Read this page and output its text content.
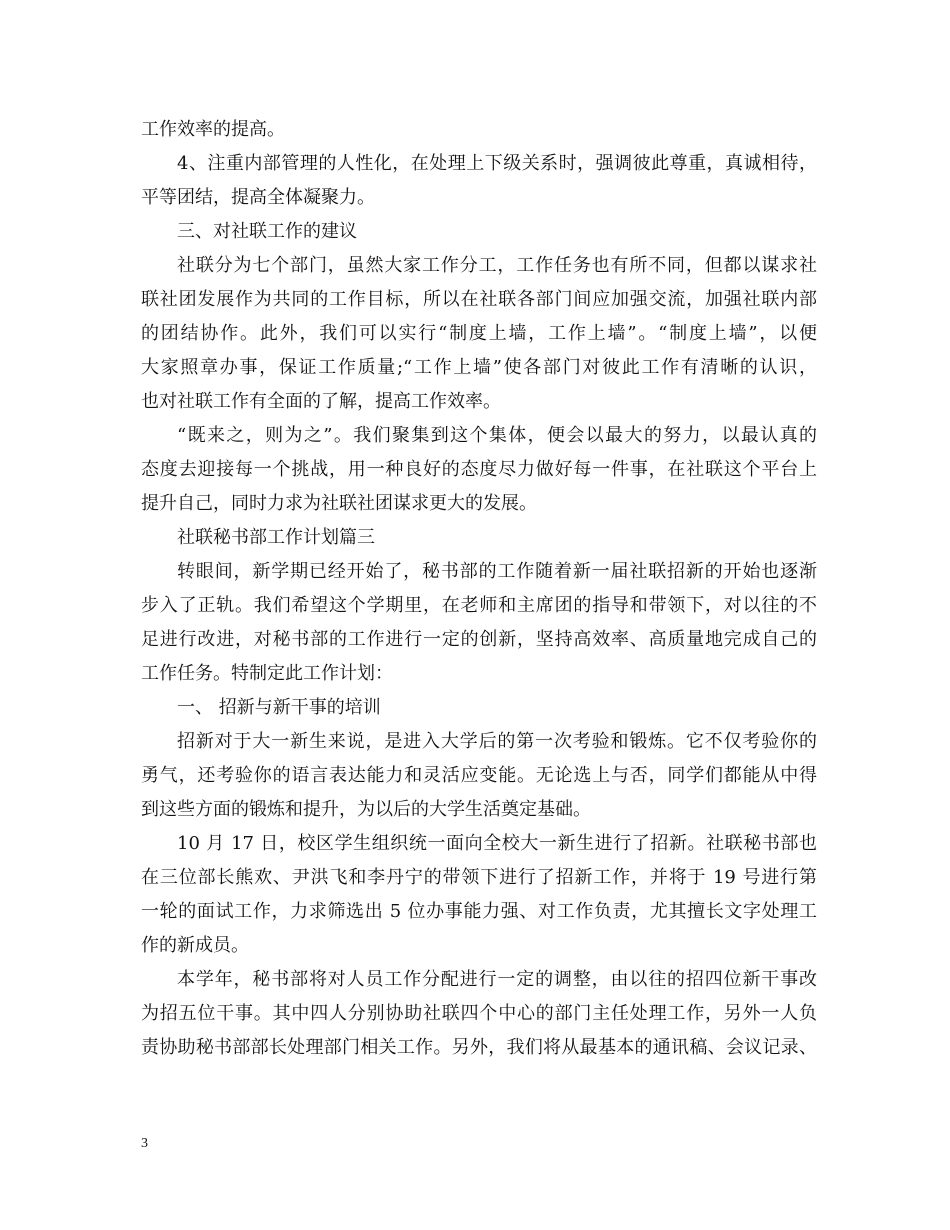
工作效率的提高。
4、注重内部管理的人性化，在处理上下级关系时，强调彼此尊重，真诚相待，
平等团结，提高全体凝聚力。
三、对社联工作的建议
社联分为七个部门，虽然大家工作分工，工作任务也有所不同，但都以谋求社
联社团发展作为共同的工作目标，所以在社联各部门间应加强交流，加强社联内部
的团结协作。此外，我们可以实行“制度上墙，工作上墙”。“制度上墙”，以便
大家照章办事，保证工作质量;“工作上墙”使各部门对彼此工作有清晰的认识，
也对社联工作有全面的了解，提高工作效率。
“既来之，则为之”。我们聚集到这个集体，便会以最大的努力，以最认真的
态度去迎接每一个挑战，用一种良好的态度尽力做好每一件事，在社联这个平台上
提升自己，同时力求为社联社团谋求更大的发展。
社联秘书部工作计划篇三
转眼间，新学期已经开始了，秘书部的工作随着新一届社联招新的开始也逐渐
步入了正轨。我们希望这个学期里，在老师和主席团的指导和带领下，对以往的不
足进行改进，对秘书部的工作进行一定的创新，坚持高效率、高质量地完成自己的
工作任务。特制定此工作计划：
一、 招新与新干事的培训
招新对于大一新生来说，是进入大学后的第一次考验和锻炼。它不仅考验你的
勇气，还考验你的语言表达能力和灵活应变能。无论选上与否，同学们都能从中得
到这些方面的锻炼和提升，为以后的大学生活奠定基础。
10 月 17 日，校区学生组织统一面向全校大一新生进行了招新。社联秘书部也
在三位部长熊欢、尹洪飞和李丹宁的带领下进行了招新工作，并将于 19 号进行第
一轮的面试工作，力求筛选出 5 位办事能力强、对工作负责，尤其擅长文字处理工
作的新成员。
本学年，秘书部将对人员工作分配进行一定的调整，由以往的招四位新干事改
为招五位干事。其中四人分别协助社联四个中心的部门主任处理工作，另外一人负
责协助秘书部部长处理部门相关工作。另外，我们将从最基本的通讯稿、会议记录、
3
